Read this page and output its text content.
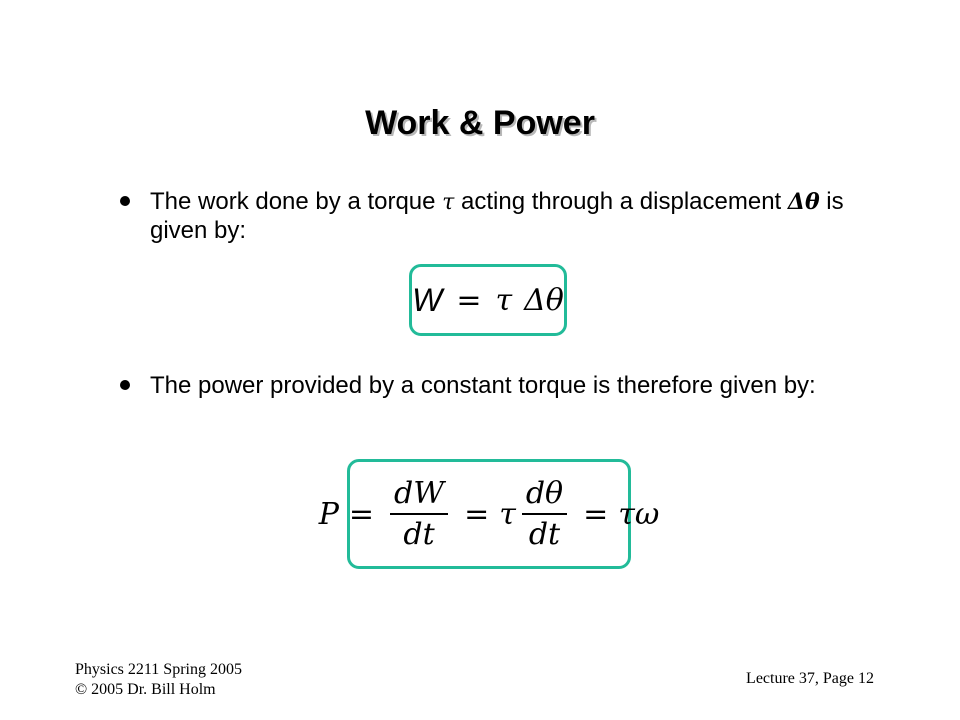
Work & Power
The work done by a torque τ acting through a displacement Δθ is given by:
W = τ Δθ
The power provided by a constant torque is therefore given by:
$P = \frac{dW}{dt} = \tau \frac{d\theta}{dt} = \tau\omega$
Physics 2211 Spring 2005
© 2005 Dr. Bill Holm
Lecture 37, Page 12
